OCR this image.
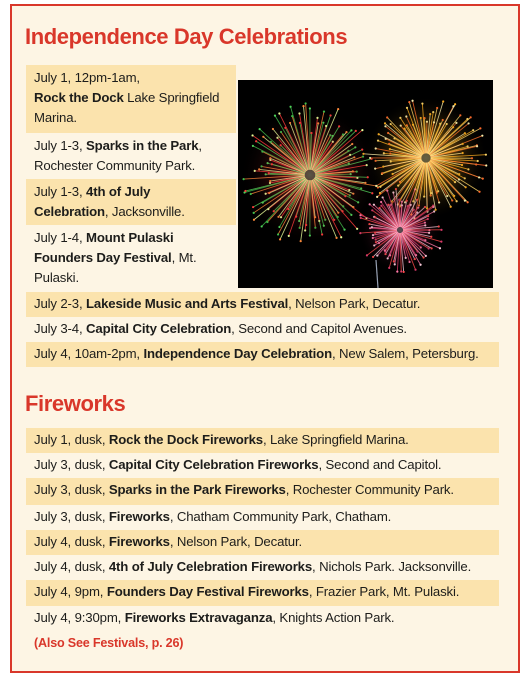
Independence Day Celebrations
July 1, 12pm-1am,
Rock the Dock Lake Springfield Marina.
July 1-3, Sparks in the Park, Rochester Community Park.
July 1-3, 4th of July Celebration, Jacksonville.
July 1-4, Mount Pulaski Founders Day Festival, Mt. Pulaski.
July 2-3, Lakeside Music and Arts Festival, Nelson Park, Decatur.
July 3-4, Capital City Celebration, Second and Capitol Avenues.
July 4, 10am-2pm, Independence Day Celebration, New Salem, Petersburg.
Fireworks
July 1, dusk, Rock the Dock Fireworks, Lake Springfield Marina.
July 3, dusk, Capital City Celebration Fireworks, Second and Capitol.
July 3, dusk, Sparks in the Park Fireworks, Rochester Community Park.
July 3, dusk, Fireworks, Chatham Community Park, Chatham.
July 4, dusk, Fireworks, Nelson Park, Decatur.
July 4, dusk, 4th of July Celebration Fireworks, Nichols Park. Jacksonville.
July 4, 9pm, Founders Day Festival Fireworks, Frazier Park, Mt. Pulaski.
July 4, 9:30pm, Fireworks Extravaganza, Knights Action Park.
(Also See Festivals, p. 26)
